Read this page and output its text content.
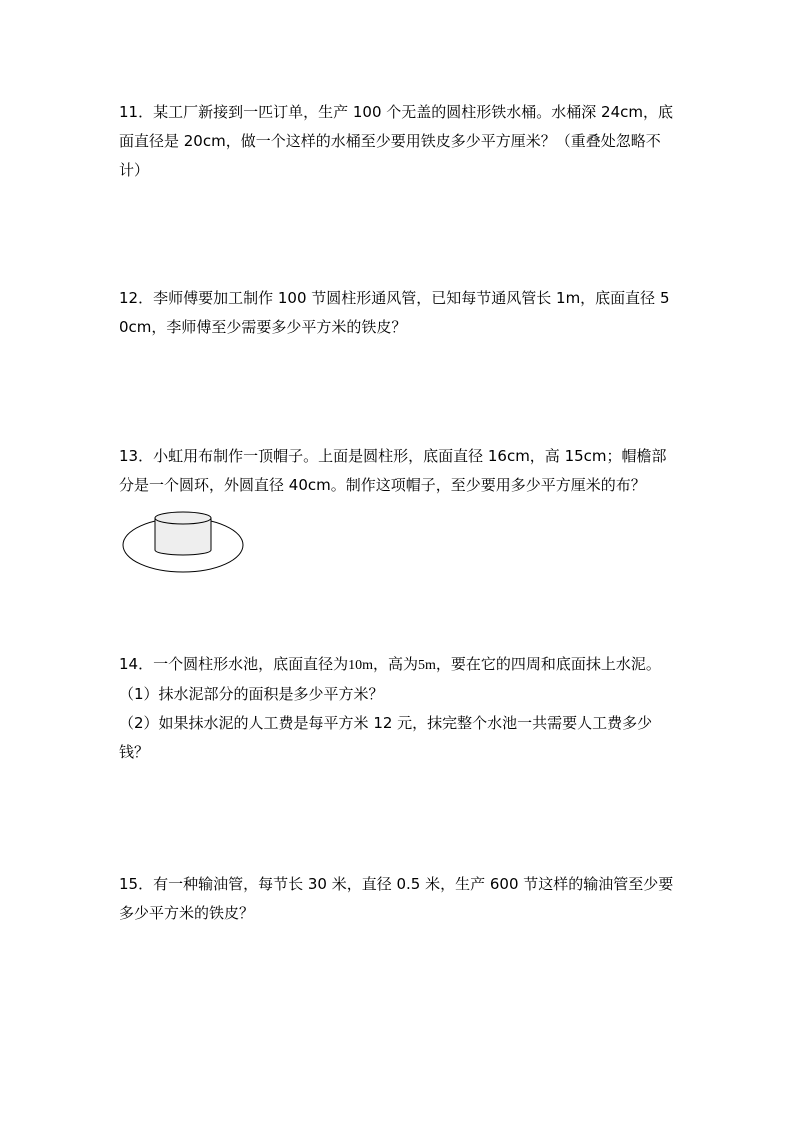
11．某工厂新接到一匹订单，生产 100 个无盖的圆柱形铁水桶。水桶深 24cm，底面直径是 20cm，做一个这样的水桶至少要用铁皮多少平方厘米？（重叠处忽略不计）

12．李师傅要加工制作 100 节圆柱形通风管，已知每节通风管长 1m，底面直径 50cm，李师傅至少需要多少平方米的铁皮？

13．小虹用布制作一顶帽子。上面是圆柱形，底面直径 16cm，高 15cm；帽檐部分是一个圆环，外圆直径 40cm。制作这项帽子，至少要用多少平方厘米的布？

14．一个圆柱形水池，底面直径为10m，高为5m，要在它的四周和底面抹上水泥。

（1）抹水泥部分的面积是多少平方米？

（2）如果抹水泥的人工费是每平方米 12 元，抹完整个水池一共需要人工费多少钱？

15．有一种输油管，每节长 30 米，直径 0.5 米，生产 600 节这样的输油管至少要多少平方米的铁皮？
